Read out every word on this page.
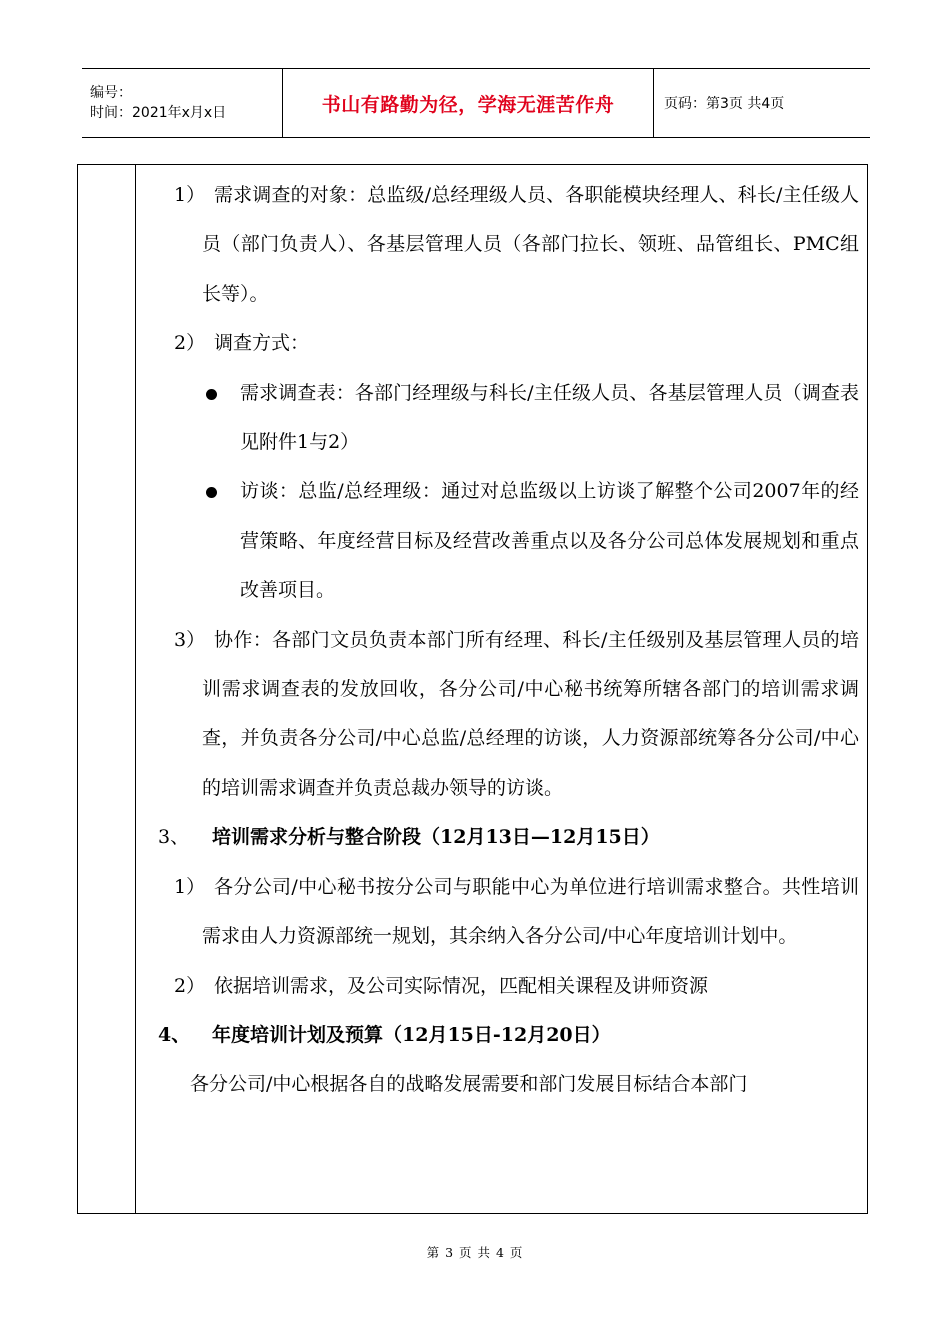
编号：
时间：2021年x月x日	书山有路勤为径，学海无涯苦作舟	页码：第3页 共4页
1） 需求调查的对象：总监级/总经理级人员、各职能模块经理人、科长/主任级人员（部门负责人）、各基层管理人员（各部门拉长、领班、品管组长、PMC组长等）。
2） 调查方式：
需求调查表：各部门经理级与科长/主任级人员、各基层管理人员（调查表见附件1与2）
访谈：总监/总经理级：通过对总监级以上访谈了解整个公司2007年的经营策略、年度经营目标及经营改善重点以及各分公司总体发展规划和重点改善项目。
3） 协作：各部门文员负责本部门所有经理、科长/主任级别及基层管理人员的培训需求调查表的发放回收，各分公司/中心秘书统筹所辖各部门的培训需求调查，并负责各分公司/中心总监/总经理的访谈，人力资源部统筹各分公司/中心的培训需求调查并负责总裁办领导的访谈。
3、	培训需求分析与整合阶段（12月13日—12月15日）
1） 各分公司/中心秘书按分公司与职能中心为单位进行培训需求整合。共性培训需求由人力资源部统一规划，其余纳入各分公司/中心年度培训计划中。
2） 依据培训需求，及公司实际情况，匹配相关课程及讲师资源
4、	年度培训计划及预算（12月15日-12月20日）
各分公司/中心根据各自的战略发展需要和部门发展目标结合本部门
第 3 页 共 4 页
